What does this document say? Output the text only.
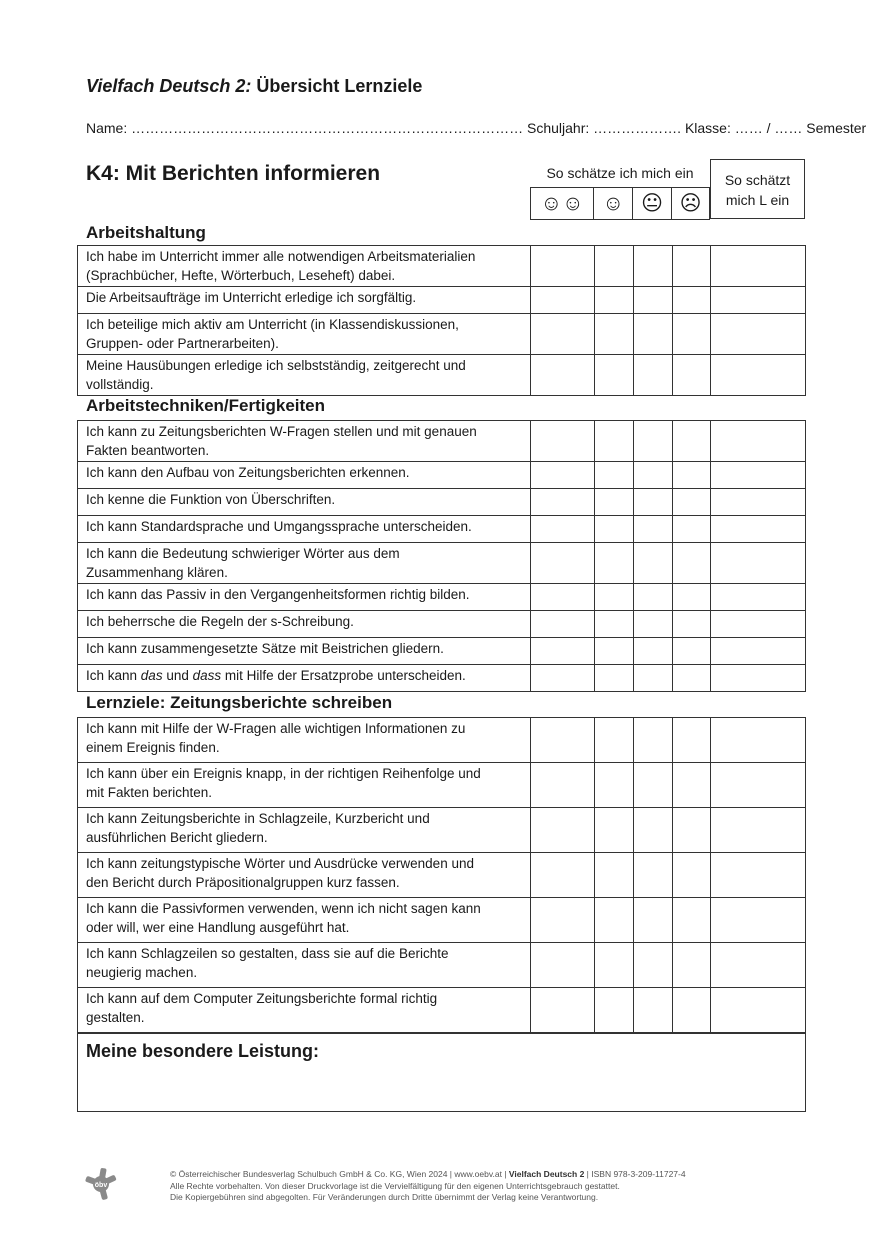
Vielfach Deutsch 2: Übersicht Lernziele
Name: ………………………………………………………………………… Schuljahr: ………………. Klasse: …… / …… Semester
K4: Mit Berichten informieren	So schätze ich mich ein	So schätzt
mich L ein
☺☺ ☺ 😐 ☹
Arbeitshaltung
Ich habe im Unterricht immer alle notwendigen Arbeitsmaterialien
(Sprachbücher, Hefte, Wörterbuch, Leseheft) dabei.					

Die Arbeitsaufträge im Unterricht erledige ich sorgfältig.					

Ich beteilige mich aktiv am Unterricht (in Klassendiskussionen,
Gruppen- oder Partnerarbeiten).					

Meine Hausübungen erledige ich selbstständig, zeitgerecht und
vollständig.					

Arbeitstechniken/Fertigkeiten
Ich kann zu Zeitungsberichten W-Fragen stellen und mit genauen
Fakten beantworten.					

Ich kann den Aufbau von Zeitungsberichten erkennen.					

Ich kenne die Funktion von Überschriften.					

Ich kann Standardsprache und Umgangssprache unterscheiden.					

Ich kann die Bedeutung schwieriger Wörter aus dem
Zusammenhang klären.					

Ich kann das Passiv in den Vergangenheitsformen richtig bilden.					

Ich beherrsche die Regeln der s-Schreibung.					

Ich kann zusammengesetzte Sätze mit Beistrichen gliedern.					

Ich kann das und dass mit Hilfe der Ersatzprobe unterscheiden.					

Lernziele: Zeitungsberichte schreiben
Ich kann mit Hilfe der W-Fragen alle wichtigen Informationen zu
einem Ereignis finden.					

Ich kann über ein Ereignis knapp, in der richtigen Reihenfolge und
mit Fakten berichten.					

Ich kann Zeitungsberichte in Schlagzeile, Kurzbericht und
ausführlichen Bericht gliedern.					

Ich kann zeitungstypische Wörter und Ausdrücke verwenden und
den Bericht durch Präpositionalgruppen kurz fassen.					

Ich kann die Passivformen verwenden, wenn ich nicht sagen kann
oder will, wer eine Handlung ausgeführt hat.					

Ich kann Schlagzeilen so gestalten, dass sie auf die Berichte
neugierig machen.					

Ich kann auf dem Computer Zeitungsberichte formal richtig
gestalten.					

Meine besondere Leistung:
öbv
© Österreichischer Bundesverlag Schulbuch GmbH & Co. KG, Wien 2024 | www.oebv.at | Vielfach Deutsch 2 | ISBN 978-3-209-11727-4
Alle Rechte vorbehalten. Von dieser Druckvorlage ist die Vervielfältigung für den eigenen Unterrichtsgebrauch gestattet.
Die Kopiergebühren sind abgegolten. Für Veränderungen durch Dritte übernimmt der Verlag keine Verantwortung.
